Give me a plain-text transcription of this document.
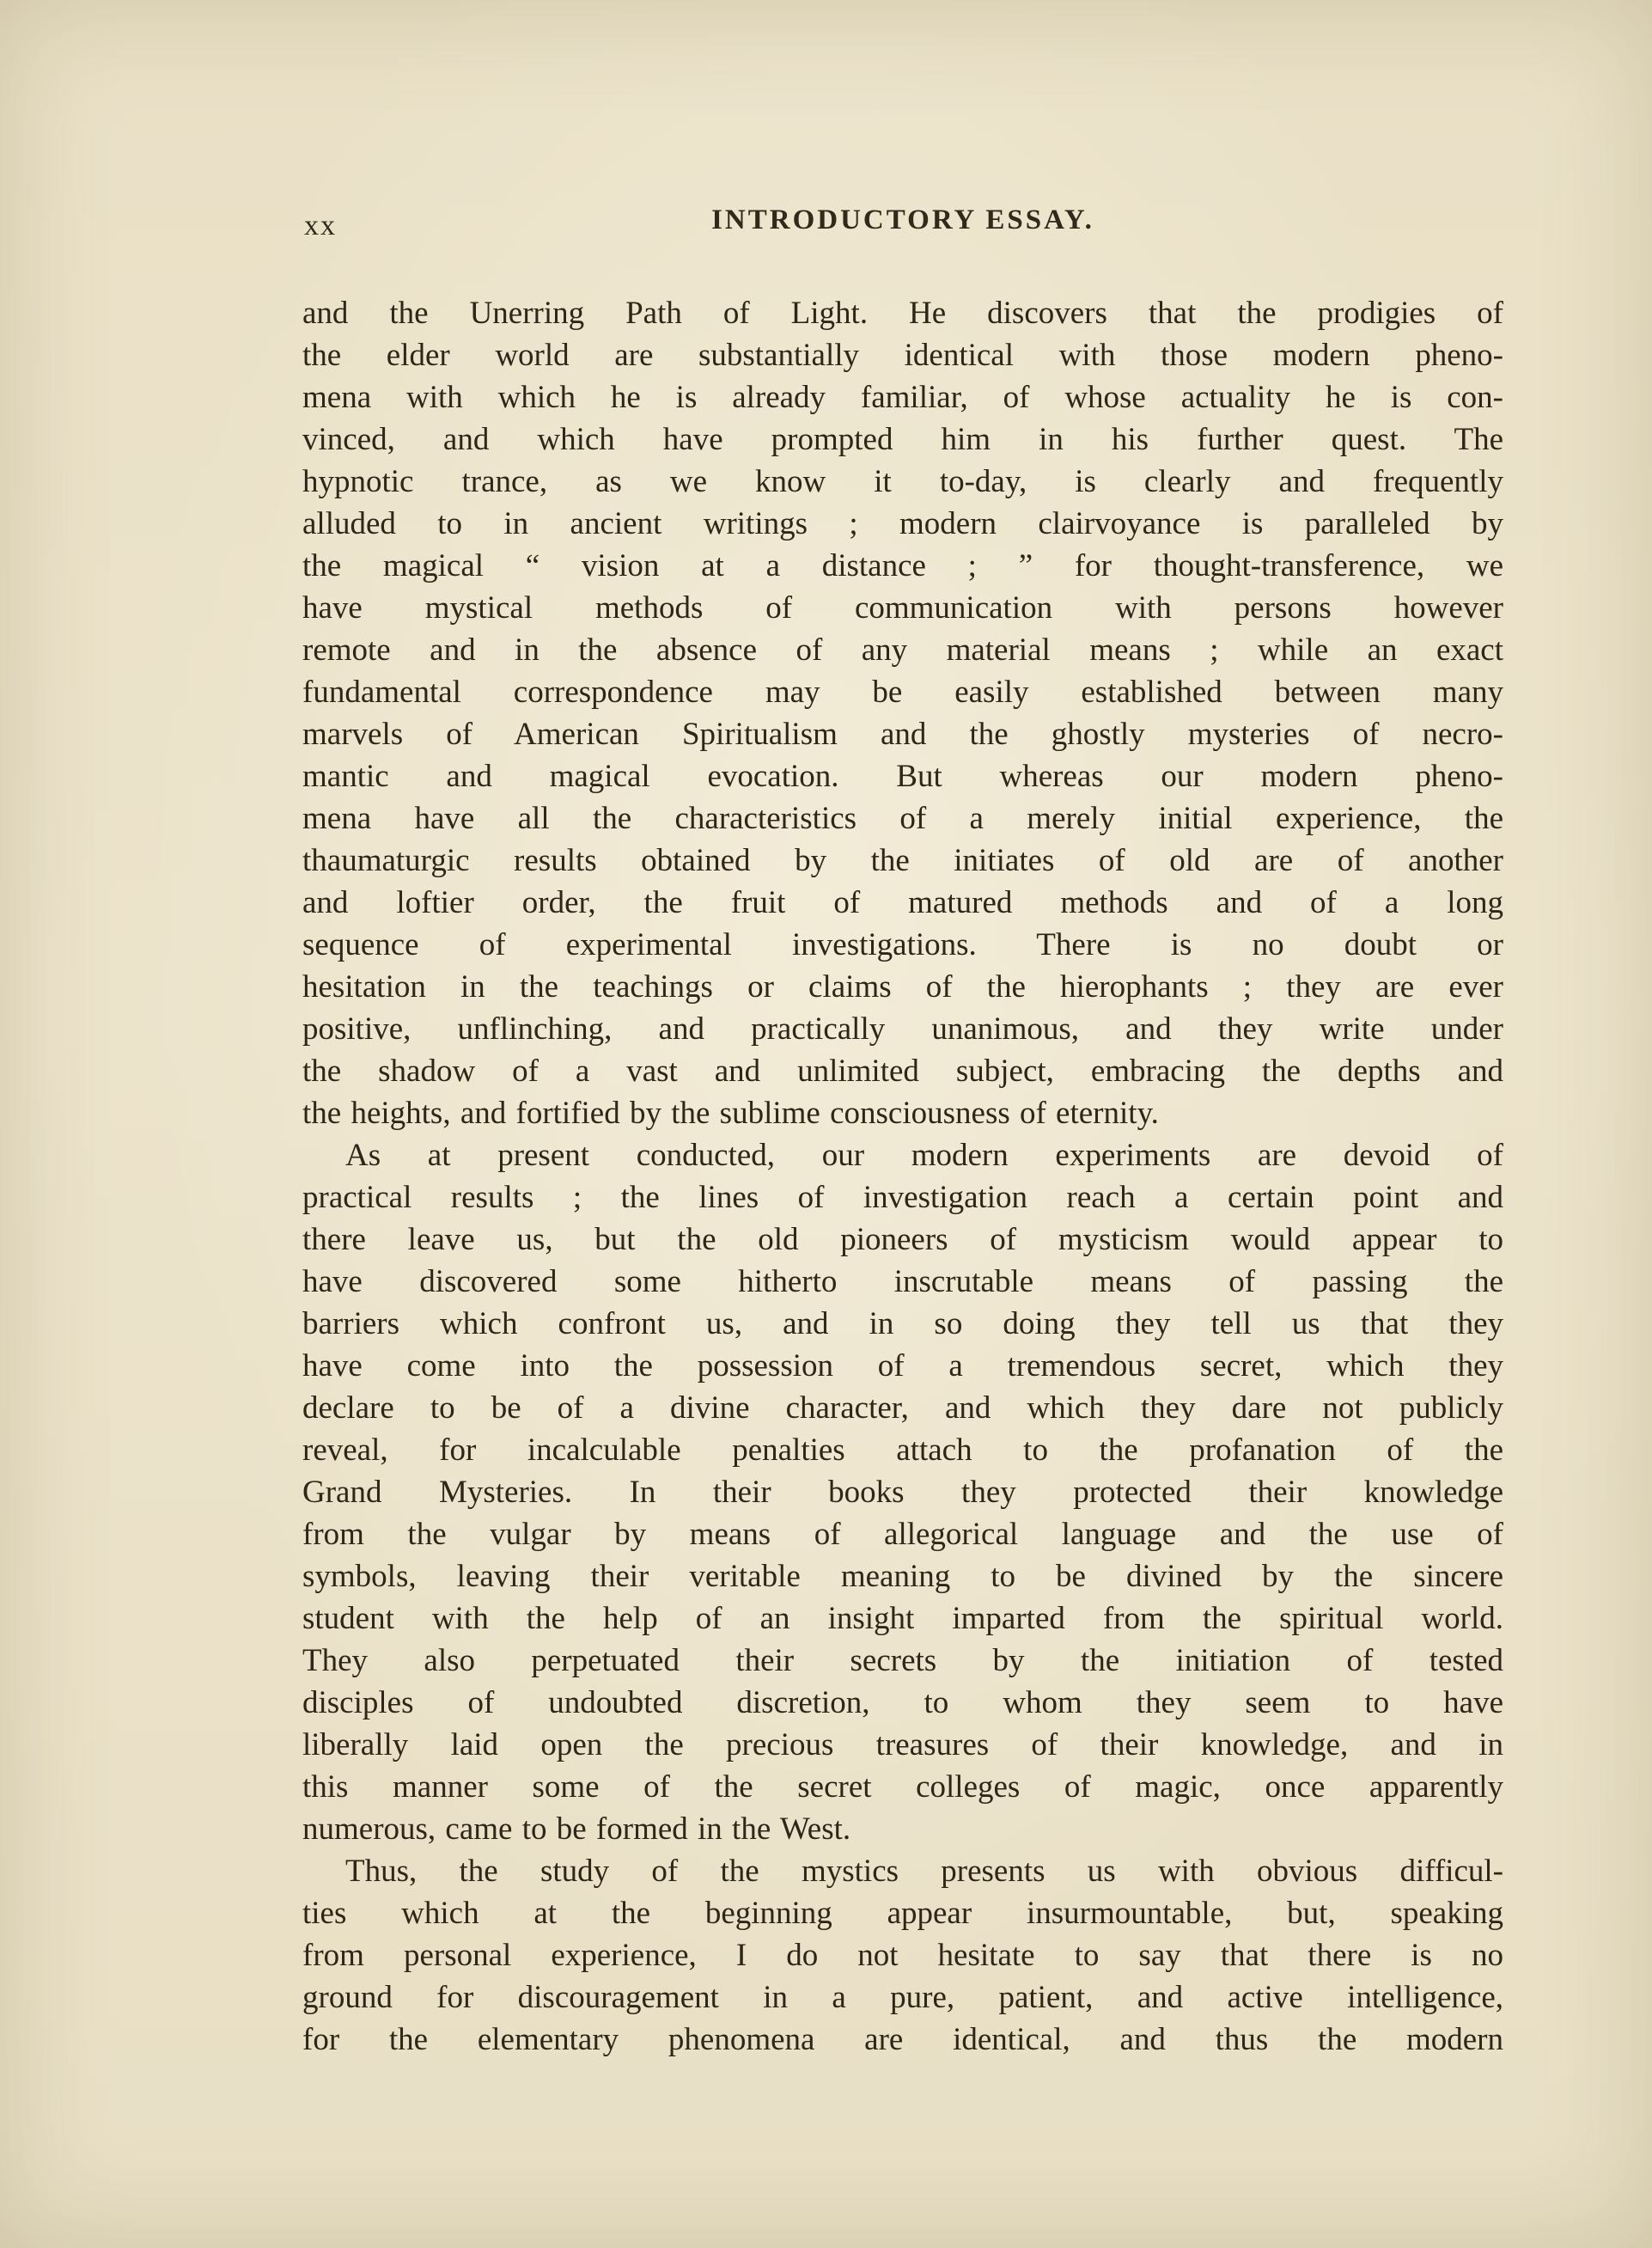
xx	INTRODUCTORY ESSAY.
and the Unerring Path of Light. He discovers that the prodigies of
the elder world are substantially identical with those modern pheno-
mena with which he is already familiar, of whose actuality he is con-
vinced, and which have prompted him in his further quest. The
hypnotic trance, as we know it to-day, is clearly and frequently
alluded to in ancient writings ; modern clairvoyance is paralleled by
the magical “ vision at a distance ; ” for thought-transference, we
have mystical methods of communication with persons however
remote and in the absence of any material means ; while an exact
fundamental correspondence may be easily established between many
marvels of American Spiritualism and the ghostly mysteries of necro-
mantic and magical evocation. But whereas our modern pheno-
mena have all the characteristics of a merely initial experience, the
thaumaturgic results obtained by the initiates of old are of another
and loftier order, the fruit of matured methods and of a long
sequence of experimental investigations. There is no doubt or
hesitation in the teachings or claims of the hierophants ; they are ever
positive, unflinching, and practically unanimous, and they write under
the shadow of a vast and unlimited subject, embracing the depths and
the heights, and fortified by the sublime consciousness of eternity.
As at present conducted, our modern experiments are devoid of
practical results ; the lines of investigation reach a certain point and
there leave us, but the old pioneers of mysticism would appear to
have discovered some hitherto inscrutable means of passing the
barriers which confront us, and in so doing they tell us that they
have come into the possession of a tremendous secret, which they
declare to be of a divine character, and which they dare not publicly
reveal, for incalculable penalties attach to the profanation of the
Grand Mysteries. In their books they protected their knowledge
from the vulgar by means of allegorical language and the use of
symbols, leaving their veritable meaning to be divined by the sincere
student with the help of an insight imparted from the spiritual world.
They also perpetuated their secrets by the initiation of tested
disciples of undoubted discretion, to whom they seem to have
liberally laid open the precious treasures of their knowledge, and in
this manner some of the secret colleges of magic, once apparently
numerous, came to be formed in the West.
Thus, the study of the mystics presents us with obvious difficul-
ties which at the beginning appear insurmountable, but, speaking
from personal experience, I do not hesitate to say that there is no
ground for discouragement in a pure, patient, and active intelligence,
for the elementary phenomena are identical, and thus the modern
